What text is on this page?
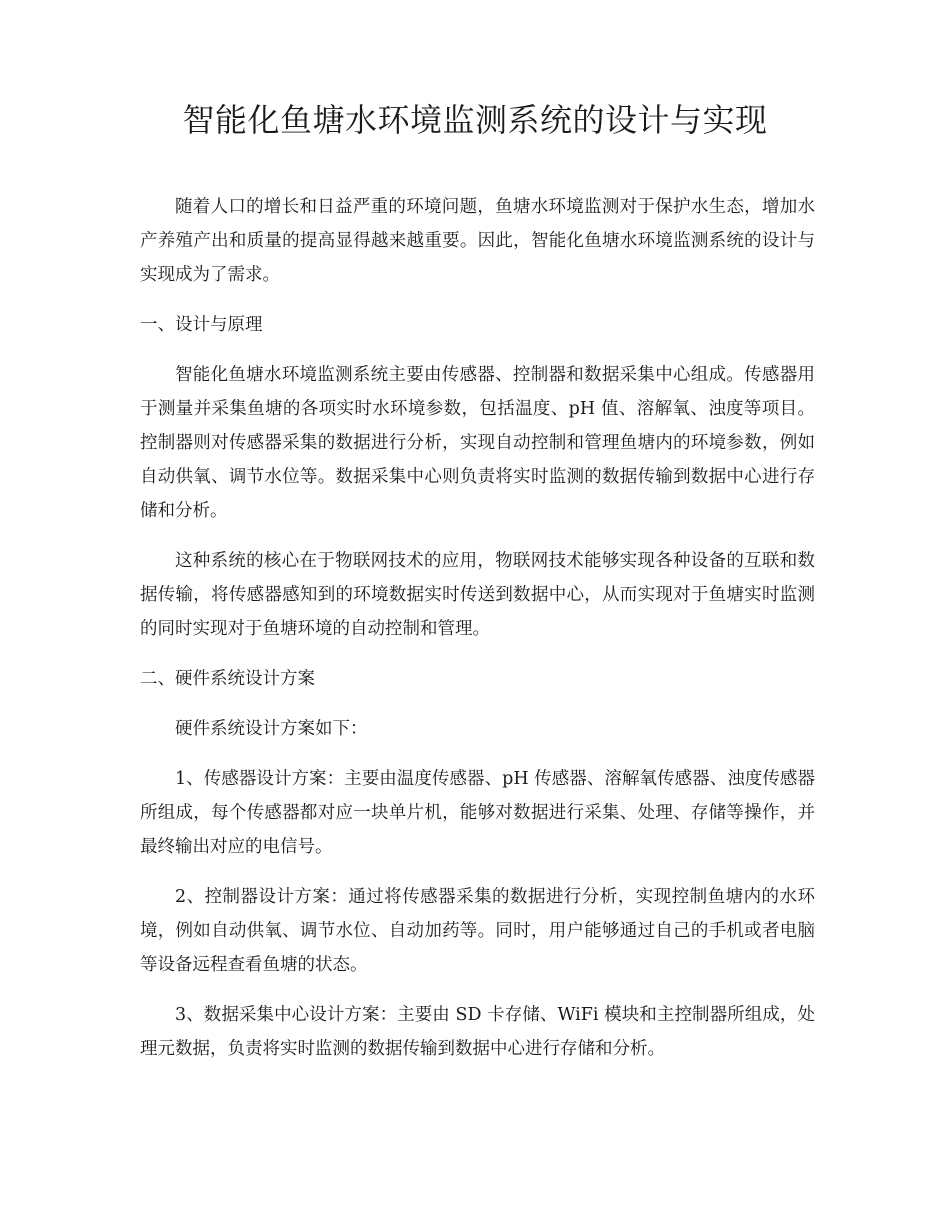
智能化鱼塘水环境监测系统的设计与实现

随着人口的增长和日益严重的环境问题，鱼塘水环境监测对于保护水生态，增加水产养殖产出和质量的提高显得越来越重要。因此，智能化鱼塘水环境监测系统的设计与实现成为了需求。

一、设计与原理

智能化鱼塘水环境监测系统主要由传感器、控制器和数据采集中心组成。传感器用于测量并采集鱼塘的各项实时水环境参数，包括温度、pH 值、溶解氧、浊度等项目。控制器则对传感器采集的数据进行分析，实现自动控制和管理鱼塘内的环境参数，例如自动供氧、调节水位等。数据采集中心则负责将实时监测的数据传输到数据中心进行存储和分析。

这种系统的核心在于物联网技术的应用，物联网技术能够实现各种设备的互联和数据传输，将传感器感知到的环境数据实时传送到数据中心，从而实现对于鱼塘实时监测的同时实现对于鱼塘环境的自动控制和管理。

二、硬件系统设计方案

硬件系统设计方案如下：

1、传感器设计方案：主要由温度传感器、pH 传感器、溶解氧传感器、浊度传感器所组成，每个传感器都对应一块单片机，能够对数据进行采集、处理、存储等操作，并最终输出对应的电信号。

2、控制器设计方案：通过将传感器采集的数据进行分析，实现控制鱼塘内的水环境，例如自动供氧、调节水位、自动加药等。同时，用户能够通过自己的手机或者电脑等设备远程查看鱼塘的状态。

3、数据采集中心设计方案：主要由 SD 卡存储、WiFi 模块和主控制器所组成，处理元数据，负责将实时监测的数据传输到数据中心进行存储和分析。
